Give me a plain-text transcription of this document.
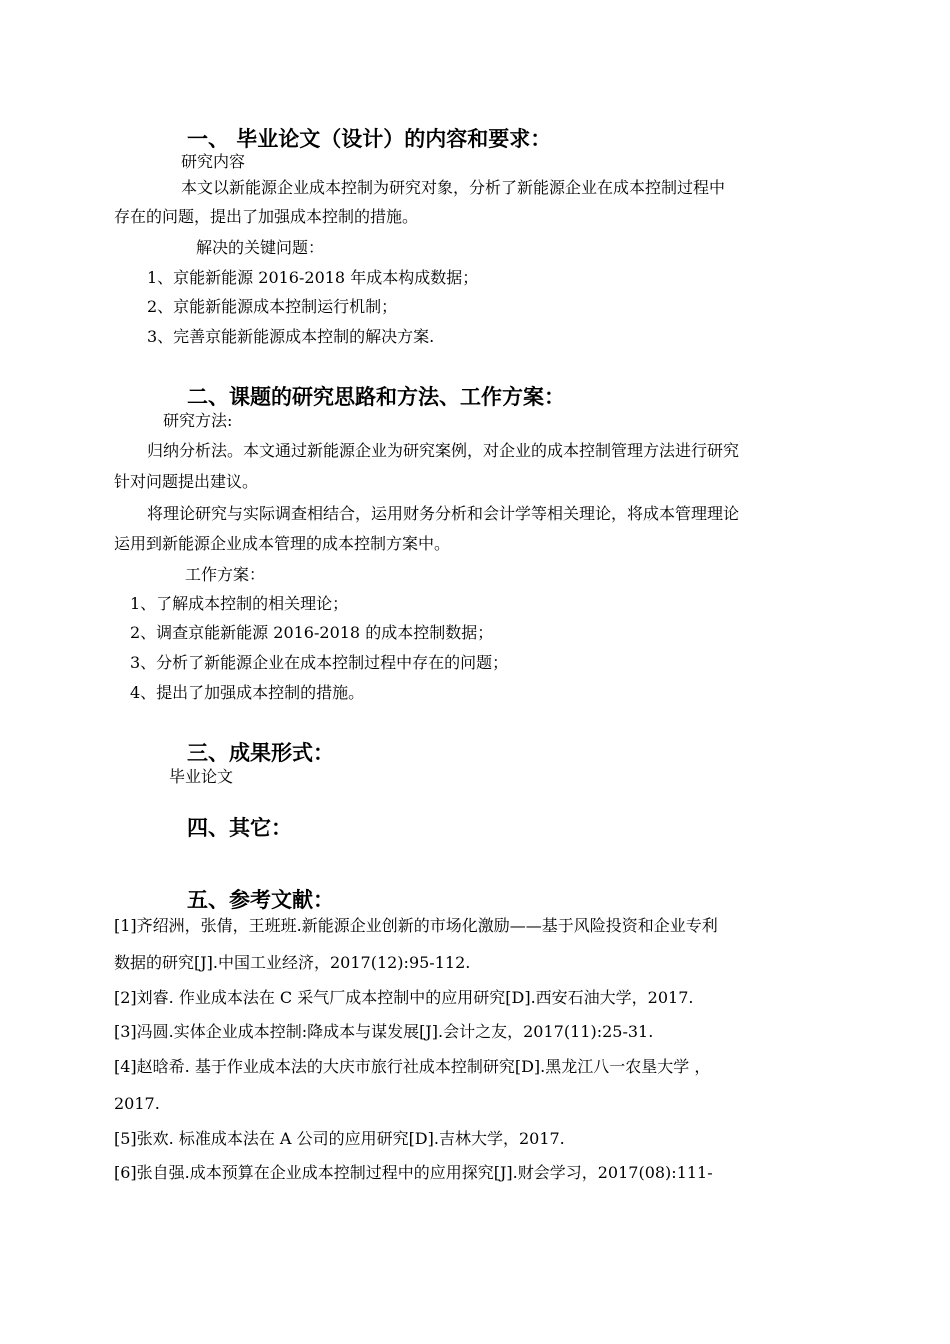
一、 毕业论文（设计）的内容和要求：
研究内容
本文以新能源企业成本控制为研究对象，分析了新能源企业在成本控制过程中
存在的问题，提出了加强成本控制的措施。
解决的关键问题：
1、京能新能源 2016-2018 年成本构成数据；
2、京能新能源成本控制运行机制；
3、完善京能新能源成本控制的解决方案.
二、课题的研究思路和方法、工作方案：
研究方法:
归纳分析法。本文通过新能源企业为研究案例，对企业的成本控制管理方法进行研究
针对问题提出建议。
将理论研究与实际调查相结合，运用财务分析和会计学等相关理论，将成本管理理论
运用到新能源企业成本管理的成本控制方案中。
工作方案：
1、了解成本控制的相关理论；
2、调查京能新能源 2016-2018 的成本控制数据；
3、分析了新能源企业在成本控制过程中存在的问题；
4、提出了加强成本控制的措施。
三、成果形式：
毕业论文
四、其它：
五、参考文献：
[1]齐绍洲，张倩，王班班.新能源企业创新的市场化激励——基于风险投资和企业专利
数据的研究[J].中国工业经济，2017(12):95-112.
[2]刘睿. 作业成本法在 C 采气厂成本控制中的应用研究[D].西安石油大学，2017.
[3]冯圆.实体企业成本控制:降成本与谋发展[J].会计之友，2017(11):25-31.
[4]赵晗希. 基于作业成本法的大庆市旅行社成本控制研究[D].黑龙江八一农垦大学 ，
2017.
[5]张欢. 标准成本法在 A 公司的应用研究[D].吉林大学，2017.
[6]张自强.成本预算在企业成本控制过程中的应用探究[J].财会学习，2017(08):111-
